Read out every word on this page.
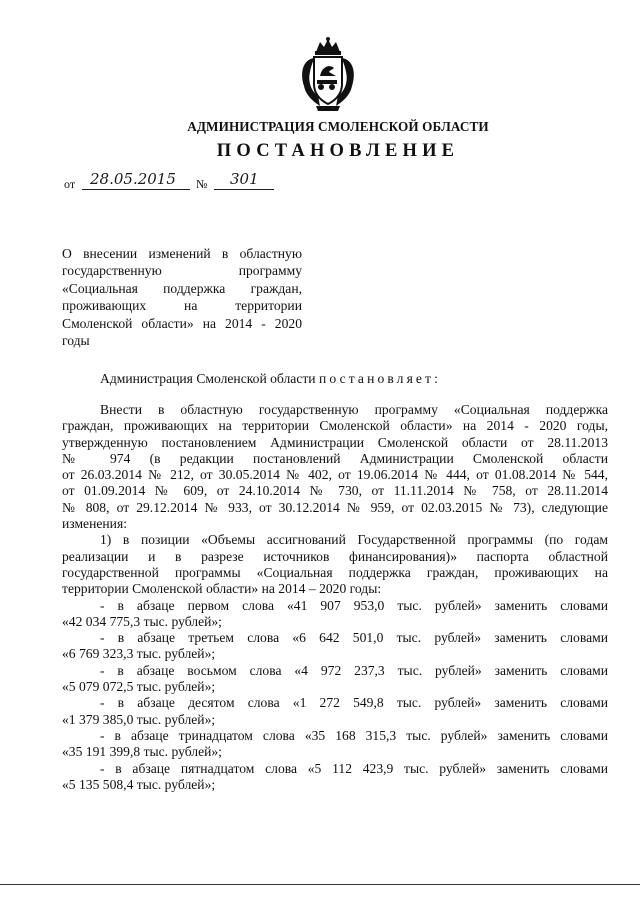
АДМИНИСТРАЦИЯ СМОЛЕНСКОЙ ОБЛАСТИ
ПОСТАНОВЛЕНИЕ
от 28.05.2015 № 301
О внесении изменений в областную
государственную программу
«Социальная поддержка граждан,
проживающих на территории
Смоленской области» на 2014 - 2020
годы
Администрация Смоленской области постановляет:
Внести в областную государственную программу «Социальная поддержка
граждан, проживающих на территории Смоленской области» на 2014 - 2020 годы,
утвержденную постановлением Администрации Смоленской области от 28.11.2013
№ 974 (в редакции постановлений Администрации Смоленской области
от 26.03.2014 № 212, от 30.05.2014 № 402, от 19.06.2014 № 444, от 01.08.2014 № 544,
от 01.09.2014 № 609, от 24.10.2014 № 730, от 11.11.2014 № 758, от 28.11.2014
№ 808, от 29.12.2014 № 933, от 30.12.2014 № 959, от 02.03.2015 № 73), следующие
изменения:
1) в позиции «Объемы ассигнований Государственной программы (по годам
реализации и в разрезе источников финансирования)» паспорта областной
государственной программы «Социальная поддержка граждан, проживающих на
территории Смоленской области» на 2014 – 2020 годы:
- в абзаце первом слова «41 907 953,0 тыс. рублей» заменить словами
«42 034 775,3 тыс. рублей»;
- в абзаце третьем слова «6 642 501,0 тыс. рублей» заменить словами
«6 769 323,3 тыс. рублей»;
- в абзаце восьмом слова «4 972 237,3 тыс. рублей» заменить словами
«5 079 072,5 тыс. рублей»;
- в абзаце десятом слова «1 272 549,8 тыс. рублей» заменить словами
«1 379 385,0 тыс. рублей»;
- в абзаце тринадцатом слова «35 168 315,3 тыс. рублей» заменить словами
«35 191 399,8 тыс. рублей»;
- в абзаце пятнадцатом слова «5 112 423,9 тыс. рублей» заменить словами
«5 135 508,4 тыс. рублей»;
